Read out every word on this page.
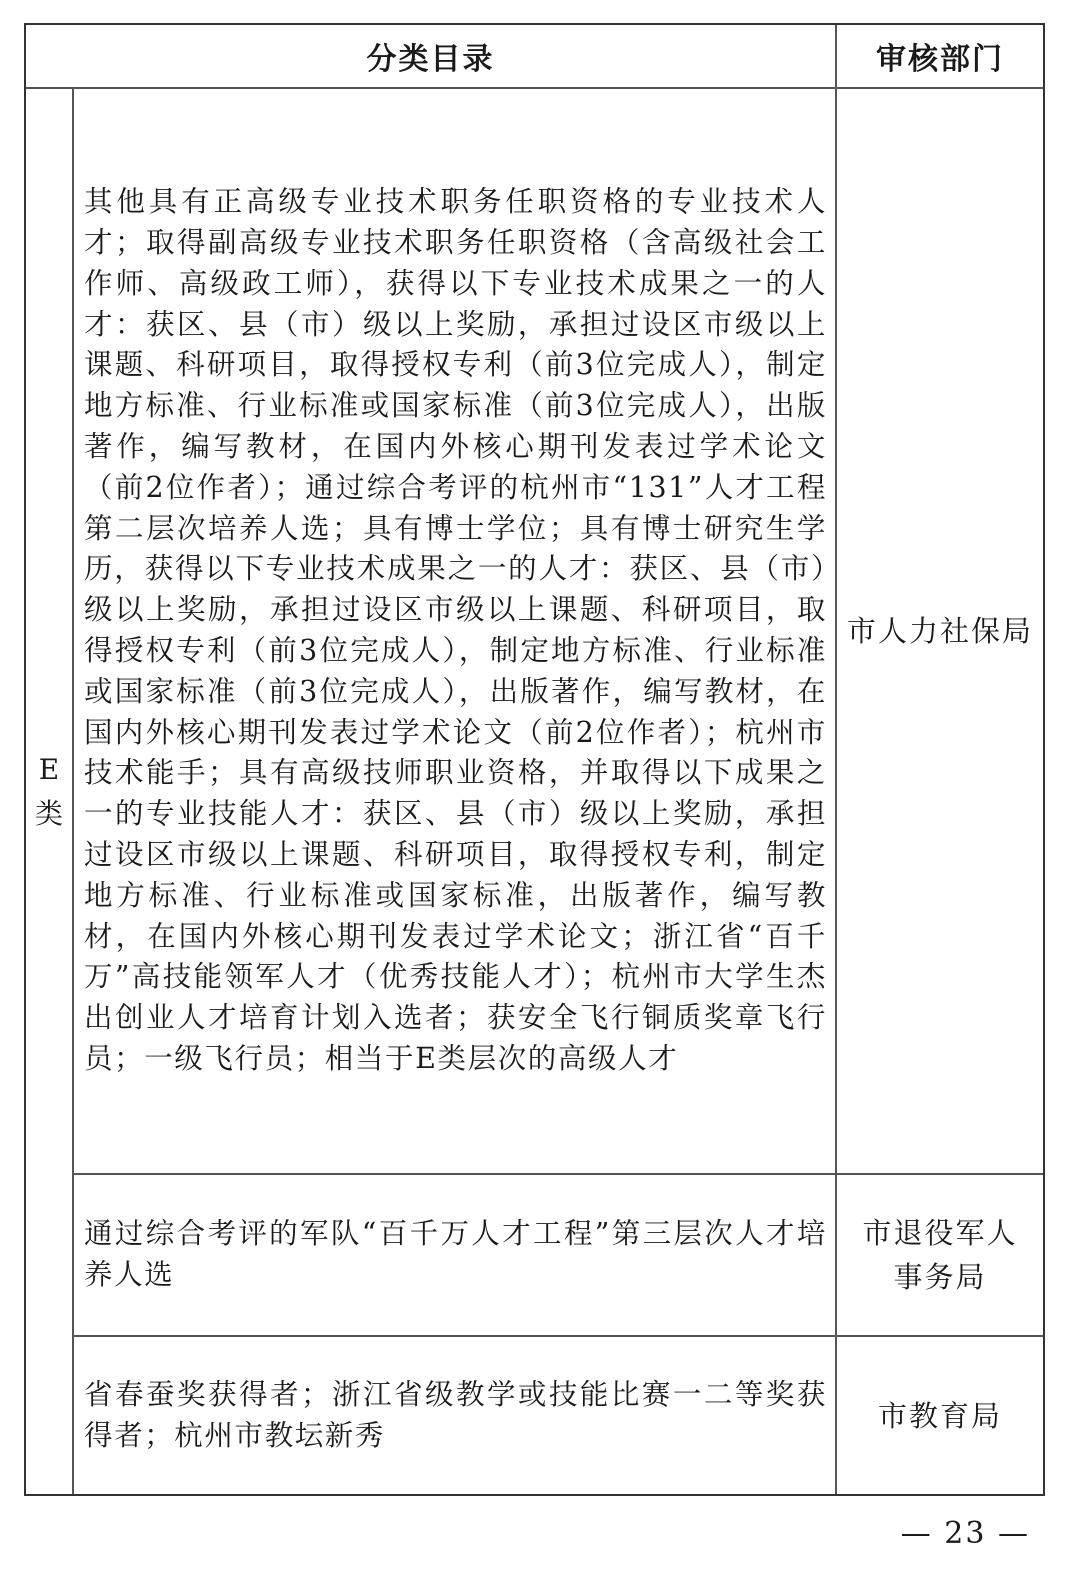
分类目录	审核部门
E
类
其他具有正高级专业技术职务任职资格的专业技术人才；取得副高级专业技术职务任职资格（含高级社会工作师、高级政工师），获得以下专业技术成果之一的人才：获区、县（市）级以上奖励，承担过设区市级以上课题、科研项目，取得授权专利（前3位完成人），制定地方标准、行业标准或国家标准（前3位完成人），出版著作，编写教材，在国内外核心期刊发表过学术论文（前2位作者）；通过综合考评的杭州市“131”人才工程第二层次培养人选；具有博士学位；具有博士研究生学历，获得以下专业技术成果之一的人才：获区、县（市）级以上奖励，承担过设区市级以上课题、科研项目，取得授权专利（前3位完成人），制定地方标准、行业标准或国家标准（前3位完成人），出版著作，编写教材，在国内外核心期刊发表过学术论文（前2位作者）；杭州市技术能手；具有高级技师职业资格，并取得以下成果之一的专业技能人才：获区、县（市）级以上奖励，承担过设区市级以上课题、科研项目，取得授权专利，制定地方标准、行业标准或国家标准，出版著作，编写教材，在国内外核心期刊发表过学术论文；浙江省“百千万”高技能领军人才（优秀技能人才）；杭州市大学生杰出创业人才培育计划入选者；获安全飞行铜质奖章飞行员；一级飞行员；相当于E类层次的高级人才
市人力社保局
通过综合考评的军队“百千万人才工程”第三层次人才培养人选
市退役军人
事务局
省春蚕奖获得者；浙江省级教学或技能比赛一二等奖获得者；杭州市教坛新秀
市教育局
— 23 —
